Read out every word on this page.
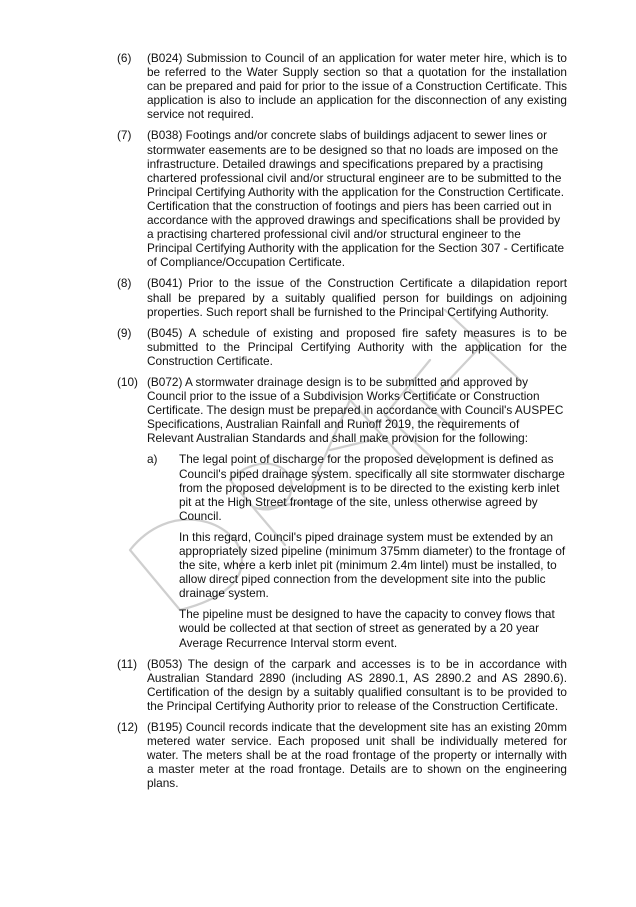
(6)	(B024) Submission to Council of an application for water meter hire, which is to be referred to the Water Supply section so that a quotation for the installation can be prepared and paid for prior to the issue of a Construction Certificate. This application is also to include an application for the disconnection of any existing service not required.
(7)	(B038) Footings and/or concrete slabs of buildings adjacent to sewer lines or stormwater easements are to be designed so that no loads are imposed on the infrastructure. Detailed drawings and specifications prepared by a practising chartered professional civil and/or structural engineer are to be submitted to the Principal Certifying Authority with the application for the Construction Certificate. Certification that the construction of footings and piers has been carried out in accordance with the approved drawings and specifications shall be provided by a practising chartered professional civil and/or structural engineer to the Principal Certifying Authority with the application for the Section 307 - Certificate of Compliance/Occupation Certificate.
(8)	(B041) Prior to the issue of the Construction Certificate a dilapidation report shall be prepared by a suitably qualified person for buildings on adjoining properties. Such report shall be furnished to the Principal Certifying Authority.
(9)	(B045) A schedule of existing and proposed fire safety measures is to be submitted to the Principal Certifying Authority with the application for the Construction Certificate.
(10) (B072) A stormwater drainage design is to be submitted and approved by Council prior to the issue of a Subdivision Works Certificate or Construction Certificate. The design must be prepared in accordance with Council's AUSPEC Specifications, Australian Rainfall and Runoff 2019, the requirements of Relevant Australian Standards and shall make provision for the following:
a)	The legal point of discharge for the proposed development is defined as Council's piped drainage system. specifically all site stormwater discharge from the proposed development is to be directed to the existing kerb inlet pit at the High Street frontage of the site, unless otherwise agreed by Council.

In this regard, Council's piped drainage system must be extended by an appropriately sized pipeline (minimum 375mm diameter) to the frontage of the site, where a kerb inlet pit (minimum 2.4m lintel) must be installed, to allow direct piped connection from the development site into the public drainage system.

The pipeline must be designed to have the capacity to convey flows that would be collected at that section of street as generated by a 20 year Average Recurrence Interval storm event.

(11) (B053) The design of the carpark and accesses is to be in accordance with Australian Standard 2890 (including AS 2890.1, AS 2890.2 and AS 2890.6). Certification of the design by a suitably qualified consultant is to be provided to the Principal Certifying Authority prior to release of the Construction Certificate.
(12) (B195) Council records indicate that the development site has an existing 20mm metered water service. Each proposed unit shall be individually metered for water. The meters shall be at the road frontage of the property or internally with a master meter at the road frontage. Details are to shown on the engineering plans.
